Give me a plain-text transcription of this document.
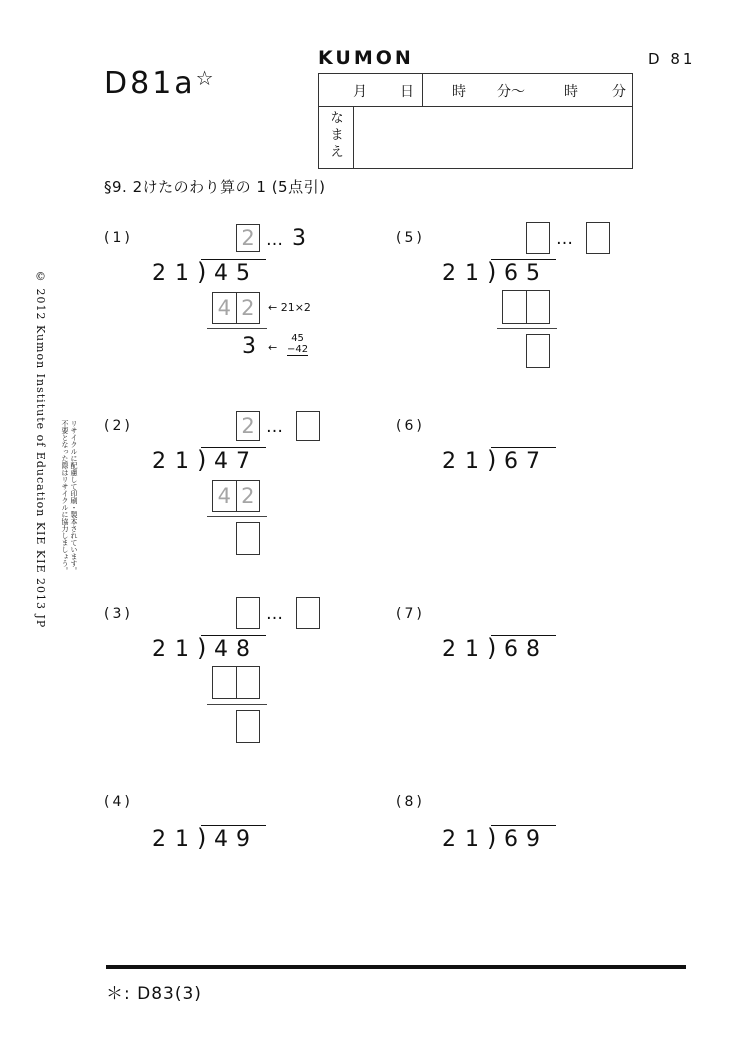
D81a☆
KUMON	D 81
月 日	時 分〜	時 分
なまえ
§9. 2けたのわり算の 1 (5点引)
(1)	2 … 3
21 ) 45
4 2	← 21×2
3 ←
45
−42
(2)	2 …
21 ) 47
4 2
(3)	…
21 ) 48
(4)
21 ) 49
(5)	…
21 ) 65
(6)
21 ) 67
(7)
21 ) 68
(8)
21 ) 69
© 2012 Kumon Institute of Education KIE KIE 2013 JP	リサイクルに配慮して印刷・製本されています。
不要となった際はリサイクルに協力しましょう。
＊: D83(3)
